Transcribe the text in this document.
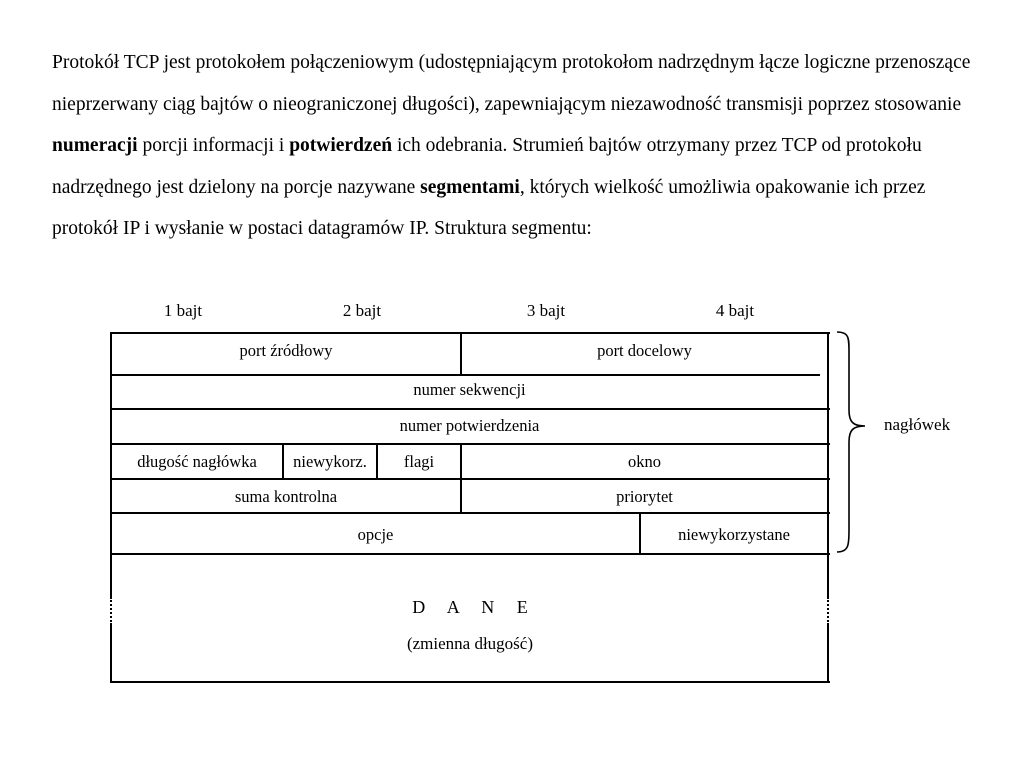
Protokół TCP jest protokołem połączeniowym (udostępniającym protokołom nadrzędnym łącze logiczne przenoszące nieprzerwany ciąg bajtów o nieograniczonej długości), zapewniającym niezawodność transmisji poprzez stosowanie numeracji porcji informacji i potwierdzeń ich odebrania. Strumień bajtów otrzymany przez TCP od protokołu nadrzędnego jest dzielony na porcje nazywane segmentami, których wielkość umożliwia opakowanie ich przez protokół IP i wysłanie w postaci datagramów IP. Struktura segmentu:
1 bajt	2 bajt	3 bajt	4 bajt
port źródłowy	port docelowy
numer sekwencji
numer potwierdzenia
długość nagłówka	niewykorz.	flagi	okno
suma kontrolna	priorytet
opcje	niewykorzystane
D A N E
(zmienna długość)
nagłówek
